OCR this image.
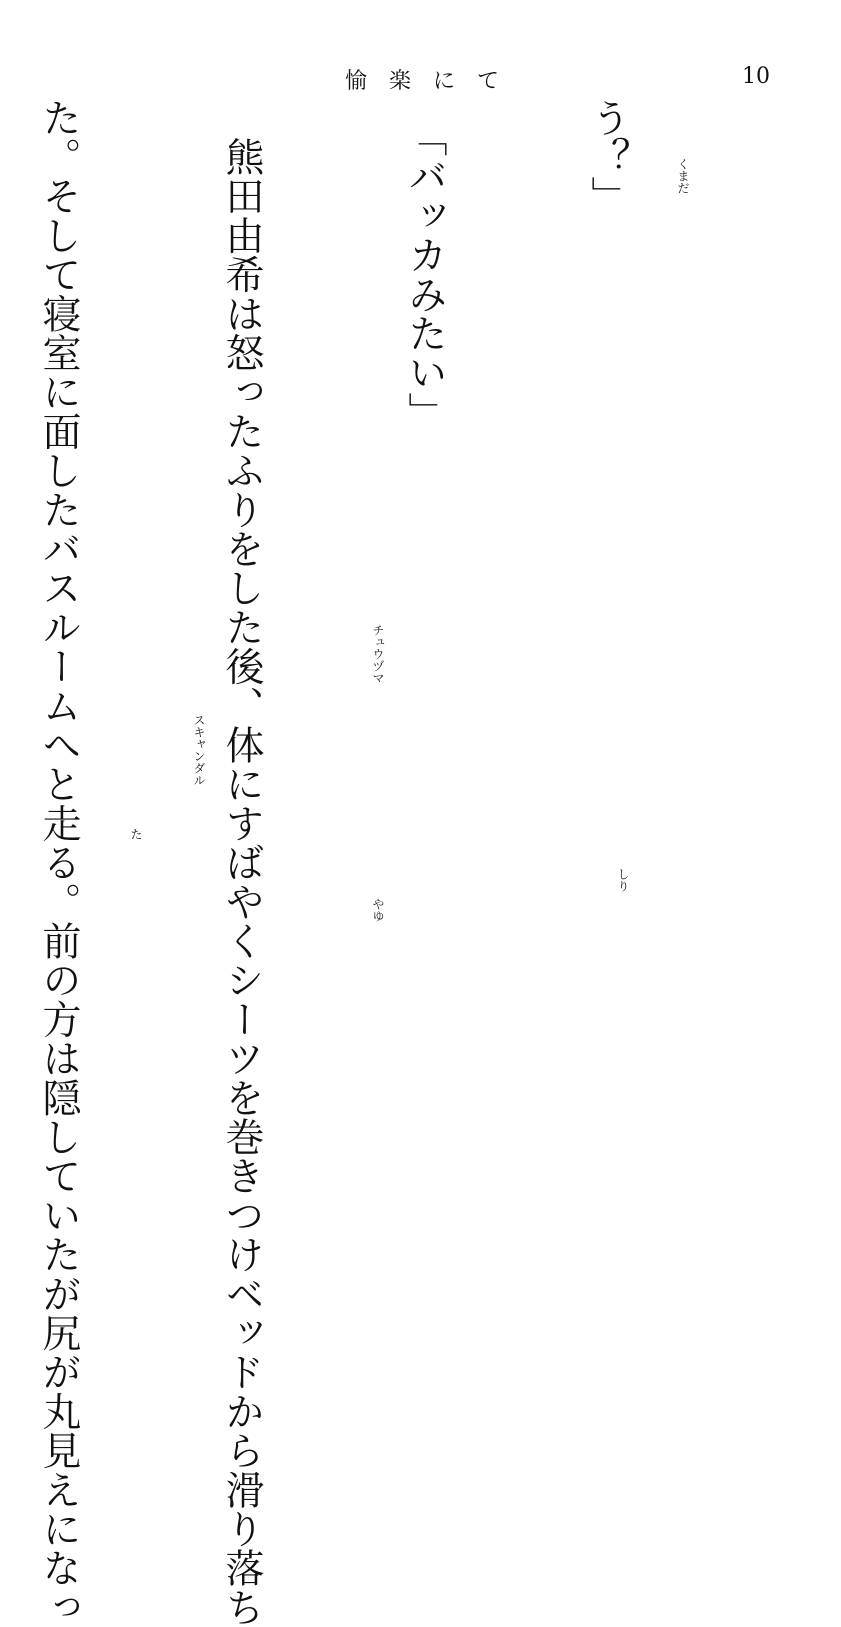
愉楽にて	10

う？」

　「バッカみたい」

　熊田由希は怒ったふりをした後、体にすばやくシーツを巻きつけベッドから滑り落ち

た。そして寝室に面したバスルームへと走る。前の方は隠していたが尻が丸見えになっ

	くまだ
しり
チュウヅマ
やゆ
スキャンダル
た
